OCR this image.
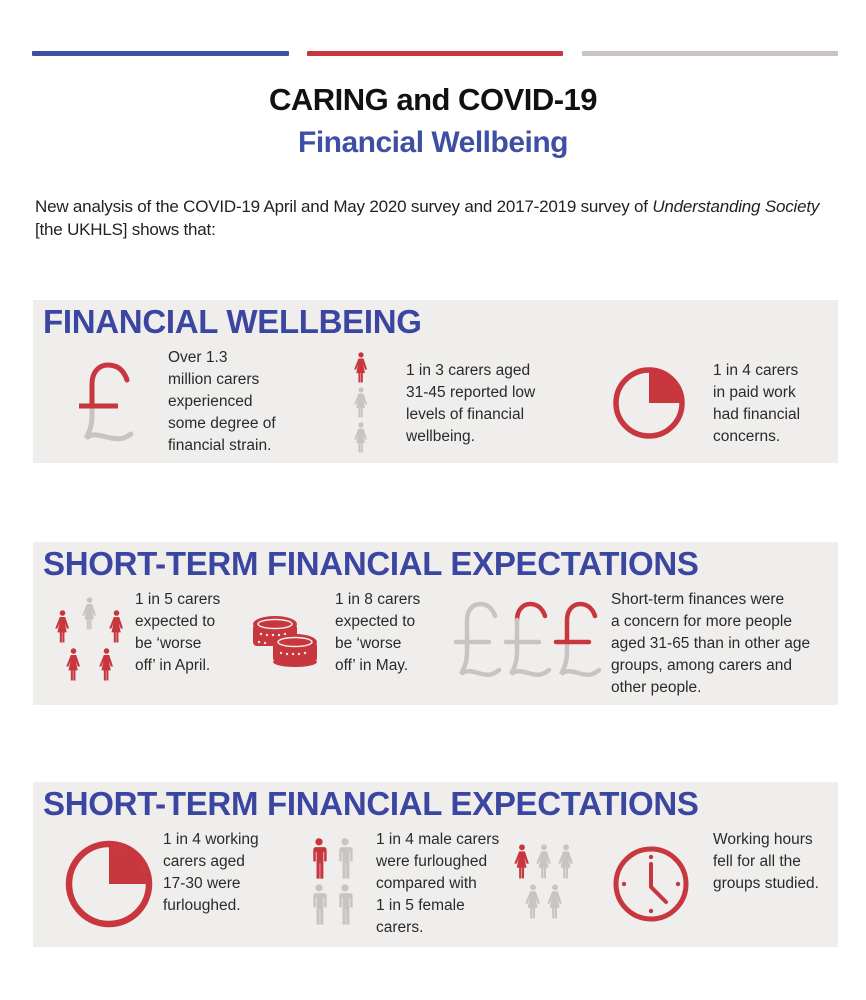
CARING and COVID-19
Financial Wellbeing

New analysis of the COVID-19 April and May 2020 survey and 2017-2019 survey of Understanding Society [the UKHLS] shows that:

FINANCIAL WELLBEING
Over 1.3
million carers
experienced
some degree of
financial strain.
1 in 3 carers aged
31-45 reported low
levels of financial
wellbeing.
1 in 4 carers
in paid work
had financial
concerns.
SHORT-TERM FINANCIAL EXPECTATIONS
1 in 5 carers
expected to
be ‘worse
off’ in April.
1 in 8 carers
expected to
be ‘worse
off’ in May.
Short-term finances were
a concern for more people
aged 31-65 than in other age
groups, among carers and
other people.
SHORT-TERM FINANCIAL EXPECTATIONS
1 in 4 working
carers aged
17-30 were
furloughed.
1 in 4 male carers
were furloughed
compared with
1 in 5 female
carers.
Working hours
fell for all the
groups studied.
